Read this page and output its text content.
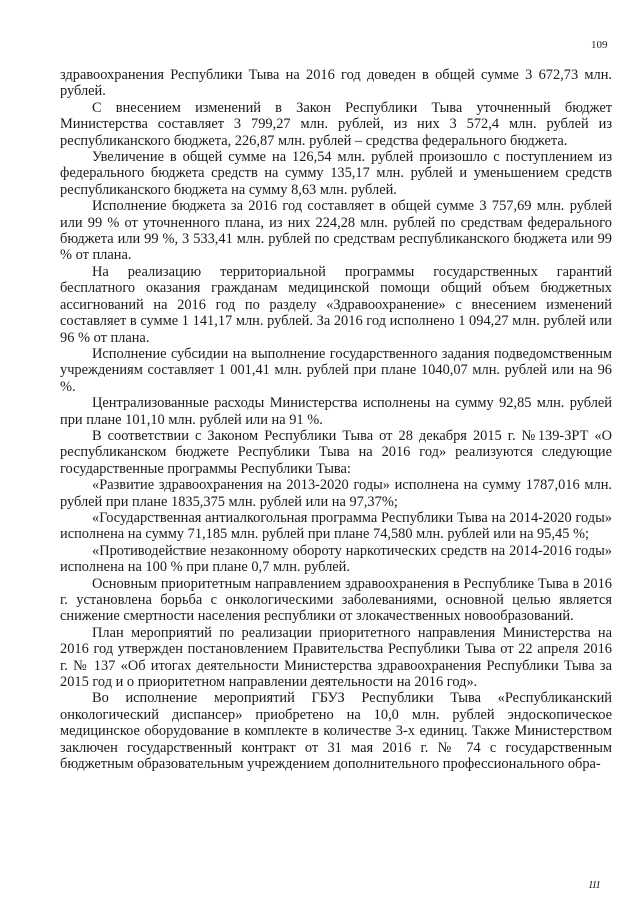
109

здравоохранения Республики Тыва на 2016 год доведен в общей сумме 3 672,73 млн. рублей.

С внесением изменений в Закон Республики Тыва уточненный бюджет Министерства составляет 3 799,27 млн. рублей, из них 3 572,4 млн. рублей из республиканского бюджета, 226,87 млн. рублей – средства федерального бюджета.

Увеличение в общей сумме на 126,54 млн. рублей произошло с поступлением из федерального бюджета средств на сумму 135,17 млн. рублей и уменьшением средств республиканского бюджета на сумму 8,63 млн. рублей.

Исполнение бюджета за 2016 год составляет в общей сумме 3 757,69 млн. рублей или 99 % от уточненного плана, из них 224,28 млн. рублей по средствам федерального бюджета или 99 %, 3 533,41 млн. рублей по средствам республиканского бюджета или 99 % от плана.

На реализацию территориальной программы государственных гарантий бесплатного оказания гражданам медицинской помощи общий объем бюджетных ассигнований на 2016 год по разделу «Здравоохранение» с внесением изменений составляет в сумме 1 141,17 млн. рублей. За 2016 год исполнено 1 094,27 млн. рублей или 96 % от плана.

Исполнение субсидии на выполнение государственного задания подведомственным учреждениям составляет 1 001,41 млн. рублей при плане 1040,07 млн. рублей или на 96 %.

Централизованные расходы Министерства исполнены на сумму 92,85 млн. рублей при плане 101,10 млн. рублей или на 91 %.

В соответствии с Законом Республики Тыва от 28 декабря 2015 г. №139-ЗРТ «О республиканском бюджете Республики Тыва на 2016 год» реализуются следующие государственные программы Республики Тыва:

«Развитие здравоохранения на 2013-2020 годы» исполнена на сумму 1787,016 млн. рублей при плане 1835,375 млн. рублей или на 97,37%;

«Государственная антиалкогольная программа Республики Тыва на 2014-2020 годы» исполнена на сумму 71,185 млн. рублей при плане 74,580 млн. рублей или на 95,45 %;

«Противодействие незаконному обороту наркотических средств на 2014-2016 годы» исполнена на 100 % при плане 0,7 млн. рублей.

Основным приоритетным направлением здравоохранения в Республике Тыва в 2016 г. установлена борьба с онкологическими заболеваниями, основной целью является снижение смертности населения республики от злокачественных новообразований.

План мероприятий по реализации приоритетного направления Министерства на 2016 год утвержден постановлением Правительства Республики Тыва от 22 апреля 2016 г. № 137 «Об итогах деятельности Министерства здравоохранения Республики Тыва за 2015 год и о приоритетном направлении деятельности на 2016 год».

Во исполнение мероприятий ГБУЗ Республики Тыва «Республиканский онкологический диспансер» приобретено на 10,0 млн. рублей эндоскопическое медицинское оборудование в комплекте в количестве 3-х единиц. Также Министерством заключен государственный контракт от 31 мая 2016 г. № 74 с государственным бюджетным образовательным учреждением дополнительного профессионального обра-

111
